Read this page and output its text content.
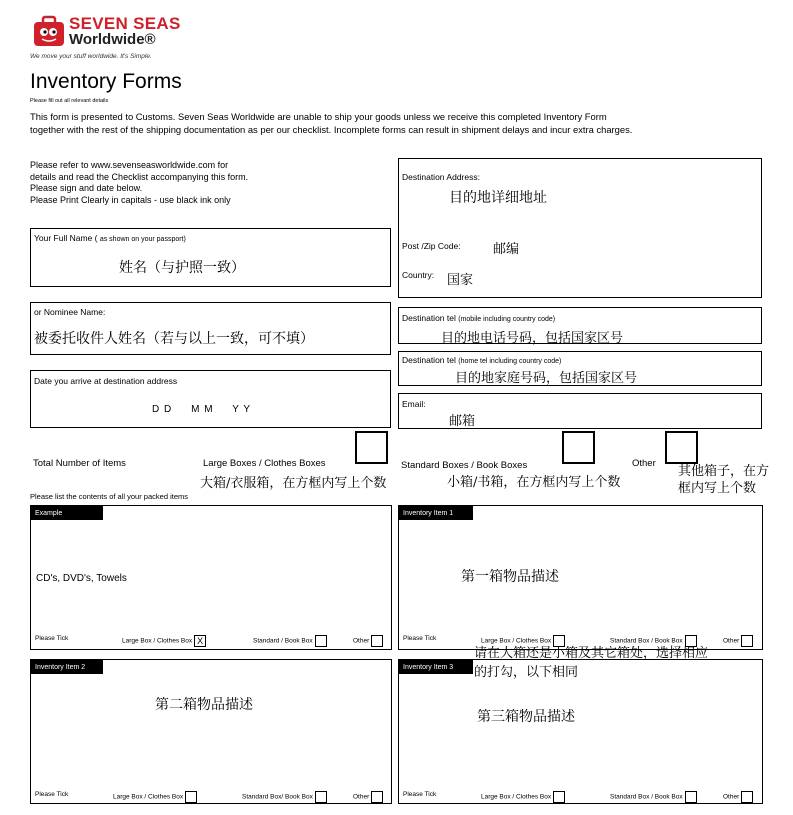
SEVEN SEAS
Worldwide®
We move your stuff worldwide. It's Simple.
Inventory Forms
Please fill out all relevant details
This form is presented to Customs. Seven Seas Worldwide are unable to ship your goods unless we receive this completed Inventory Form
together with the rest of the shipping documentation as per our checklist. Incomplete forms can result in shipment delays and incur extra charges.
Please refer to www.sevenseasworldwide.com for
details and read the Checklist accompanying this form.
Please sign and date below.
Please Print Clearly in capitals - use black ink only
Your Full Name ( as shown on your passport)
姓名（与护照一致）
or Nominee Name:
被委托收件人姓名（若与以上一致，可不填）
Date you arrive at destination address
D D     M M     Y Y
Destination Address:
目的地详细地址
Post /Zip Code: 邮编
Country: 国家
Destination tel (mobile including country code)
目的地电话号码，包括国家区号
Destination tel (home tel including country code)
目的地家庭号码，包括国家区号
Email:
邮箱
Total Number of Items	Large Boxes / Clothes Boxes
大箱/衣服箱，在方框内写上个数
Standard Boxes / Book Boxes
小箱/书箱，在方框内写上个数
Other
其他箱子，在方
框内写上个数
Please list the contents of all your packed items
Example
CD's, DVD's, Towels
Please Tick	Large Box / Clothes Box X	Standard / Book Box	Other
Inventory Item 1
第一箱物品描述
Please Tick	Large Box / Clothes Box	Standard Box / Book Box	Other
Inventory Item 2
第二箱物品描述
Please Tick	Large Box / Clothes Box	Standard Box/ Book Box	Other
Inventory Item 3
第三箱物品描述
Please Tick	Large Box / Clothes Box	Standard Box / Book Box	Other
请在大箱还是小箱及其它箱处，选择相应
的打勾，以下相同
